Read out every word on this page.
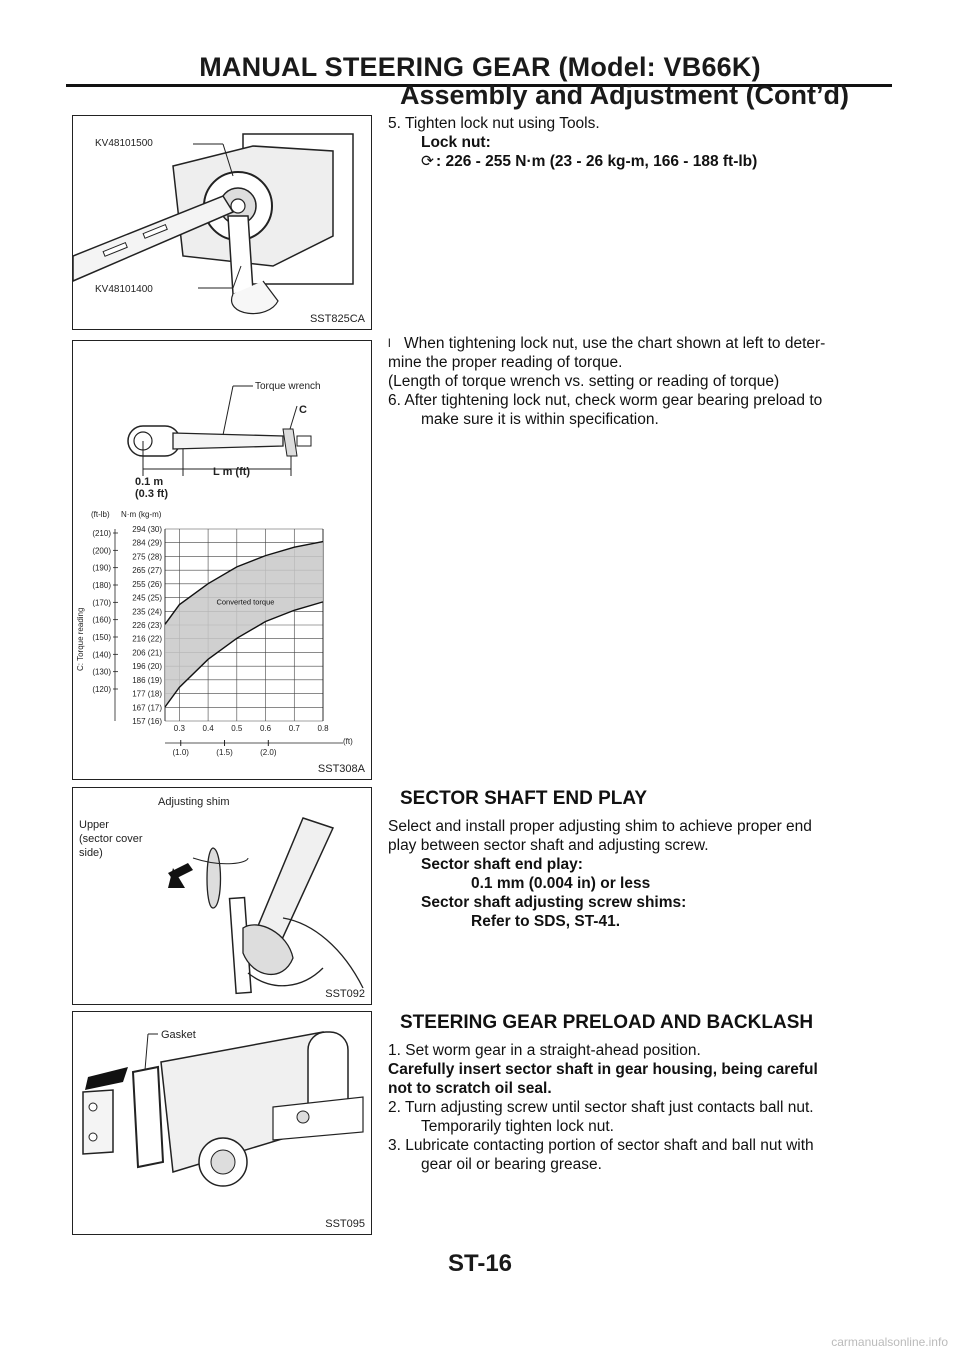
MANUAL STEERING GEAR (Model: VB66K)
Assembly and Adjustment (Cont’d)
KV48101500
KV48101400
SST825CA
Torque wrench
C
L m (ft)
0.1 m
(0.3 ft)
(ft-lb) N·m (kg-m)
C: Torque reading
294 (30)
284 (29)
275 (28)
265 (27)
255 (26)
245 (25)
235 (24)
226 (23)
216 (22)
206 (21)
196 (20)
186 (19)
177 (18)
167 (17)
157 (16)
(210)
(200)
(190)
(180)
(170)
(160)
(150)
(140)
(130)
(120)
0.3 0.4 0.5 0.6 0.7 0.8
(1.0)	(1.5)	(2.0)
Converted torque
(ft)
SST308A
Adjusting shim
Upper
(sector cover
side)
SST092
Gasket
SST095

5. Tighten lock nut using Tools.

Lock nut:

⟳ : 226 - 255 N·m (23 - 26 kg-m, 166 - 188 ft-lb)

l When tightening lock nut, use the chart shown at left to deter-

mine the proper reading of torque.

(Length of torque wrench vs. setting or reading of torque)

6. After tightening lock nut, check worm gear bearing preload to

make sure it is within specification.

SECTOR SHAFT END PLAY

Select and install proper adjusting shim to achieve proper end

play between sector shaft and adjusting screw.

Sector shaft end play:

0.1 mm (0.004 in) or less

Sector shaft adjusting screw shims:

Refer to SDS, ST-41.

STEERING GEAR PRELOAD AND BACKLASH

1. Set worm gear in a straight-ahead position.

Carefully insert sector shaft in gear housing, being careful

not to scratch oil seal.

2. Turn adjusting screw until sector shaft just contacts ball nut.

Temporarily tighten lock nut.

3. Lubricate contacting portion of sector shaft and ball nut with

gear oil or bearing grease.

ST-16
carmanualsonline.info
